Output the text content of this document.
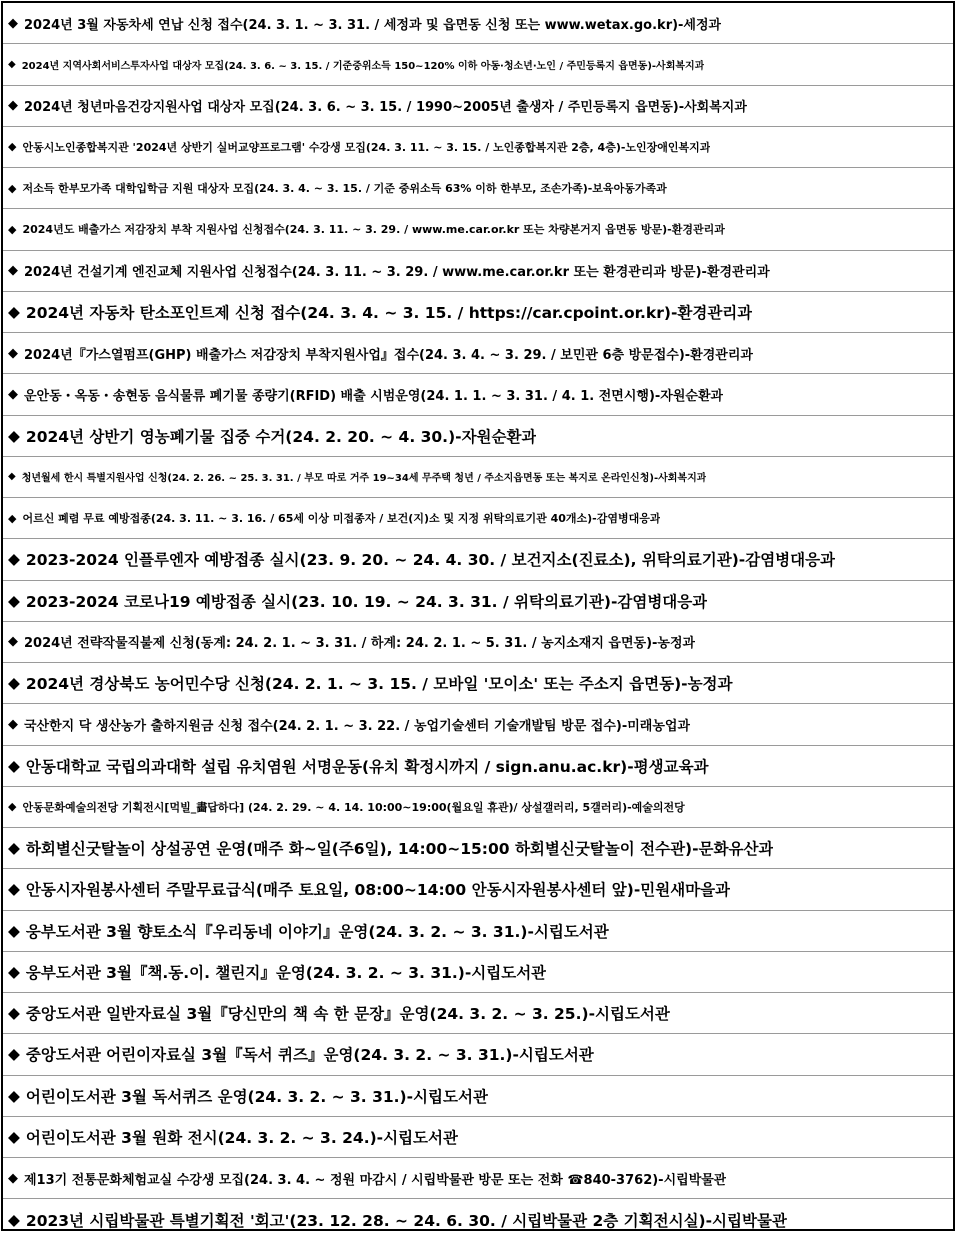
◆ 2024년 3월 자동차세 연납 신청 접수(24. 3. 1. ~ 3. 31. / 세정과 및 읍면동 신청 또는 www.wetax.go.kr)-세정과
◆ 2024년 지역사회서비스투자사업 대상자 모집(24. 3. 6. ~ 3. 15. / 기준중위소득 150~120% 이하 아동·청소년·노인 / 주민등록지 읍면동)-사회복지과
◆ 2024년 청년마음건강지원사업 대상자 모집(24. 3. 6. ~ 3. 15. / 1990~2005년 출생자 / 주민등록지 읍면동)-사회복지과
◆ 안동시노인종합복지관 '2024년 상반기 실버교양프로그램' 수강생 모집(24. 3. 11. ~ 3. 15. / 노인종합복지관 2층, 4층)-노인장애인복지과
◆ 저소득 한부모가족 대학입학금 지원 대상자 모집(24. 3. 4. ~ 3. 15. / 기준 중위소득 63% 이하 한부모, 조손가족)-보육아동가족과
◆ 2024년도 배출가스 저감장치 부착 지원사업 신청접수(24. 3. 11. ~ 3. 29. / www.me.car.or.kr 또는 차량본거지 읍면동 방문)-환경관리과
◆ 2024년 건설기계 엔진교체 지원사업 신청접수(24. 3. 11. ~ 3. 29. / www.me.car.or.kr 또는 환경관리과 방문)-환경관리과
◆ 2024년 자동차 탄소포인트제 신청 접수(24. 3. 4. ~ 3. 15. / https://car.cpoint.or.kr)-환경관리과
◆ 2024년『가스열펌프(GHP) 배출가스 저감장치 부착지원사업』접수(24. 3. 4. ~ 3. 29. / 보민관 6층 방문접수)-환경관리과
◆ 운안동・옥동・송현동 음식물류 폐기물 종량기(RFID) 배출 시범운영(24. 1. 1. ~ 3. 31. / 4. 1. 전면시행)-자원순환과
◆ 2024년 상반기 영농폐기물 집중 수거(24. 2. 20. ~ 4. 30.)-자원순환과
◆ 청년월세 한시 특별지원사업 신청(24. 2. 26. ~ 25. 3. 31. / 부모 따로 거주 19~34세 무주택 청년 / 주소지읍면동 또는 복지로 온라인신청)-사회복지과
◆ 어르신 폐렴 무료 예방접종(24. 3. 11. ~ 3. 16. / 65세 이상 미접종자 / 보건(지)소 및 지정 위탁의료기관 40개소)-감염병대응과
◆ 2023-2024 인플루엔자 예방접종 실시(23. 9. 20. ~ 24. 4. 30. / 보건지소(진료소), 위탁의료기관)-감염병대응과
◆ 2023-2024 코로나19 예방접종 실시(23. 10. 19. ~ 24. 3. 31. / 위탁의료기관)-감염병대응과
◆ 2024년 전략작물직불제 신청(동계: 24. 2. 1. ~ 3. 31. / 하계: 24. 2. 1. ~ 5. 31. / 농지소재지 읍면동)-농정과
◆ 2024년 경상북도 농어민수당 신청(24. 2. 1. ~ 3. 15. / 모바일 '모이소' 또는 주소지 읍면동)-농정과
◆ 국산한지 닥 생산농가 출하지원금 신청 접수(24. 2. 1. ~ 3. 22. / 농업기술센터 기술개발팀 방문 접수)-미래농업과
◆ 안동대학교 국립의과대학 설립 유치염원 서명운동(유치 확정시까지 / sign.anu.ac.kr)-평생교육과
◆ 안동문화예술의전당 기획전시[먹빌_畵답하다] (24. 2. 29. ~ 4. 14. 10:00~19:00(월요일 휴관)/ 상설갤러리, 5갤러리)-예술의전당
◆ 하회별신굿탈놀이 상설공연 운영(매주 화~일(주6일), 14:00~15:00 하회별신굿탈놀이 전수관)-문화유산과
◆ 안동시자원봉사센터 주말무료급식(매주 토요일, 08:00~14:00 안동시자원봉사센터 앞)-민원새마을과
◆ 웅부도서관 3월 향토소식『우리동네 이야기』운영(24. 3. 2. ~ 3. 31.)-시립도서관
◆ 웅부도서관 3월『책.동.이. 챌린지』운영(24. 3. 2. ~ 3. 31.)-시립도서관
◆ 중앙도서관 일반자료실 3월『당신만의 책 속 한 문장』운영(24. 3. 2. ~ 3. 25.)-시립도서관
◆ 중앙도서관 어린이자료실 3월『독서 퀴즈』운영(24. 3. 2. ~ 3. 31.)-시립도서관
◆ 어린이도서관 3월 독서퀴즈 운영(24. 3. 2. ~ 3. 31.)-시립도서관
◆ 어린이도서관 3월 원화 전시(24. 3. 2. ~ 3. 24.)-시립도서관
◆ 제13기 전통문화체험교실 수강생 모집(24. 3. 4. ~ 정원 마감시 / 시립박물관 방문 또는 전화 ☎840-3762)-시립박물관
◆ 2023년 시립박물관 특별기획전 '회고'(23. 12. 28. ~ 24. 6. 30. / 시립박물관 2층 기획전시실)-시립박물관
